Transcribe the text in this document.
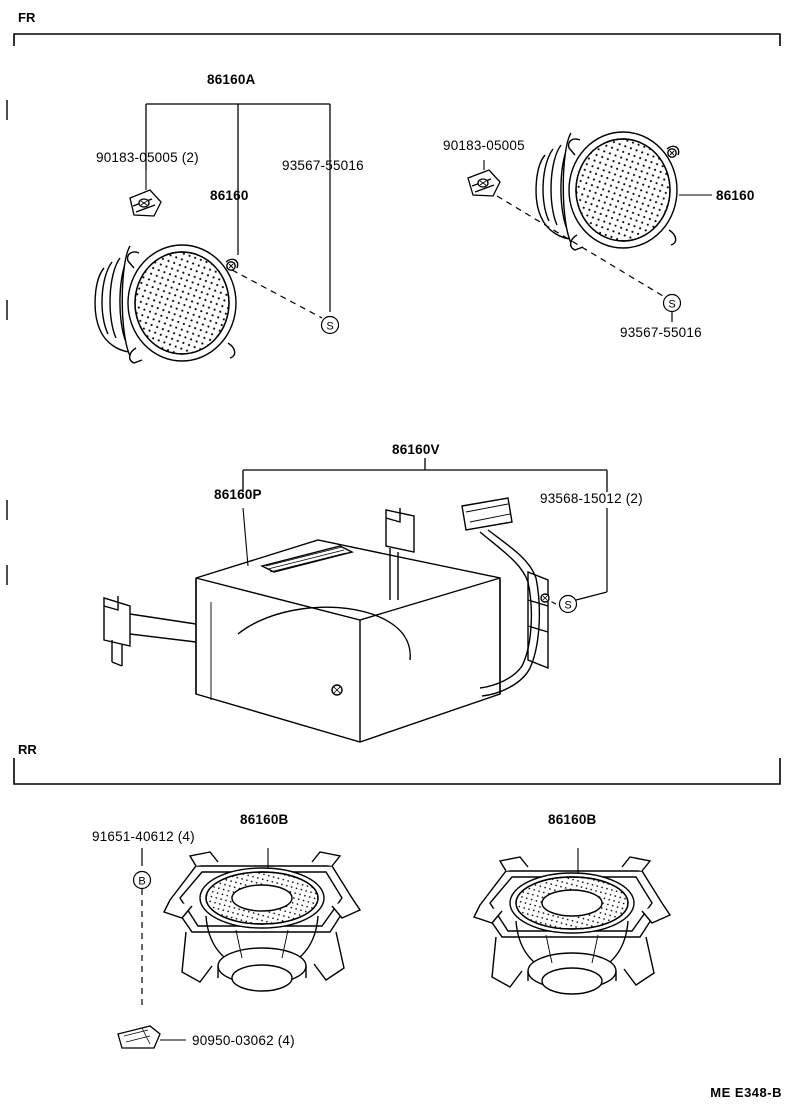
S
S
S
B
FR
RR
86160A
90183-05005 (2)
93567-55016
86160
90183-05005
86160
93567-55016
86160V
86160P	93568-15012 (2)
91651-40612 (4)
86160B	86160B
90950-03062 (4)
ME E348-B
